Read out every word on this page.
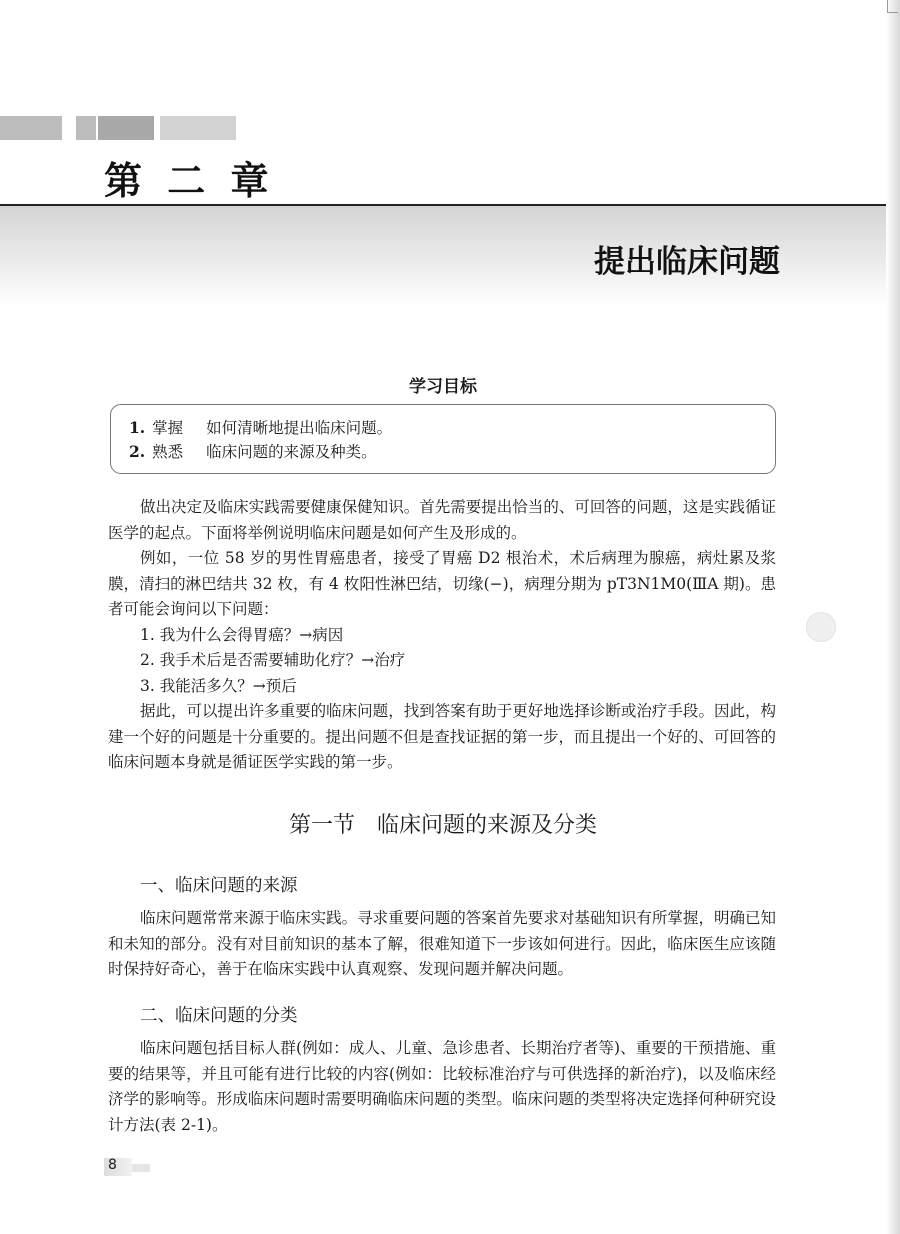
第 二 章
提出临床问题
学习目标
1. 掌握 如何清晰地提出临床问题。
2. 熟悉 临床问题的来源及种类。

做出决定及临床实践需要健康保健知识。首先需要提出恰当的、可回答的问题，这是实践循证医学的起点。下面将举例说明临床问题是如何产生及形成的。

例如，一位 58 岁的男性胃癌患者，接受了胃癌 D2 根治术，术后病理为腺癌，病灶累及浆膜，清扫的淋巴结共 32 枚，有 4 枚阳性淋巴结，切缘(−)，病理分期为 pT3N1M0(ⅢA 期)。患者可能会询问以下问题：

1. 我为什么会得胃癌？→病因

2. 我手术后是否需要辅助化疗？→治疗

3. 我能活多久？→预后

据此，可以提出许多重要的临床问题，找到答案有助于更好地选择诊断或治疗手段。因此，构建一个好的问题是十分重要的。提出问题不但是查找证据的第一步，而且提出一个好的、可回答的临床问题本身就是循证医学实践的第一步。

第一节　临床问题的来源及分类
一、临床问题的来源

临床问题常常来源于临床实践。寻求重要问题的答案首先要求对基础知识有所掌握，明确已知和未知的部分。没有对目前知识的基本了解，很难知道下一步该如何进行。因此，临床医生应该随时保持好奇心，善于在临床实践中认真观察、发现问题并解决问题。

二、临床问题的分类

临床问题包括目标人群(例如：成人、儿童、急诊患者、长期治疗者等)、重要的干预措施、重要的结果等，并且可能有进行比较的内容(例如：比较标准治疗与可供选择的新治疗)，以及临床经济学的影响等。形成临床问题时需要明确临床问题的类型。临床问题的类型将决定选择何种研究设计方法(表 2-1)。

8
